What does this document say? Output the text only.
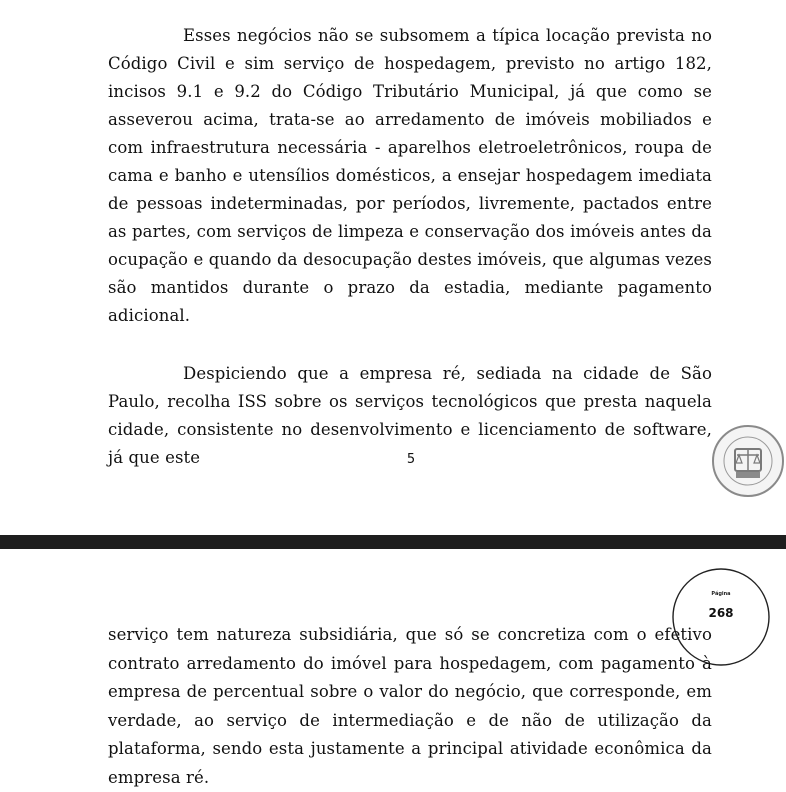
Esses negócios não se subsomem a típica locação prevista no Código Civil e sim serviço de hospedagem, previsto no artigo 182, incisos 9.1 e 9.2 do Código Tributário Municipal, já que como se asseverou acima, trata-se ao arredamento de imóveis mobiliados e com infraestrutura necessária - aparelhos eletroeletrônicos, roupa de cama e banho e utensílios domésticos, a ensejar hospedagem imediata de pessoas indeterminadas, por períodos, livremente, pactados entre as partes, com serviços de limpeza e conservação dos imóveis antes da ocupação e quando da desocupação destes imóveis, que algumas vezes são mantidos durante o prazo da estadia, mediante pagamento adicional.

Despiciendo que a empresa ré, sediada na cidade de São Paulo, recolha ISS sobre os serviços tecnológicos que presta naquela cidade, consistente no desenvolvimento e licenciamento de software, já que este	5
Página
268

serviço tem natureza subsidiária, que só se concretiza com o efetivo contrato arredamento do imóvel para hospedagem, com pagamento à empresa de percentual sobre o valor do negócio, que corresponde, em verdade, ao serviço de intermediação e de não de utilização da plataforma, sendo esta justamente a principal atividade econômica da empresa ré.
